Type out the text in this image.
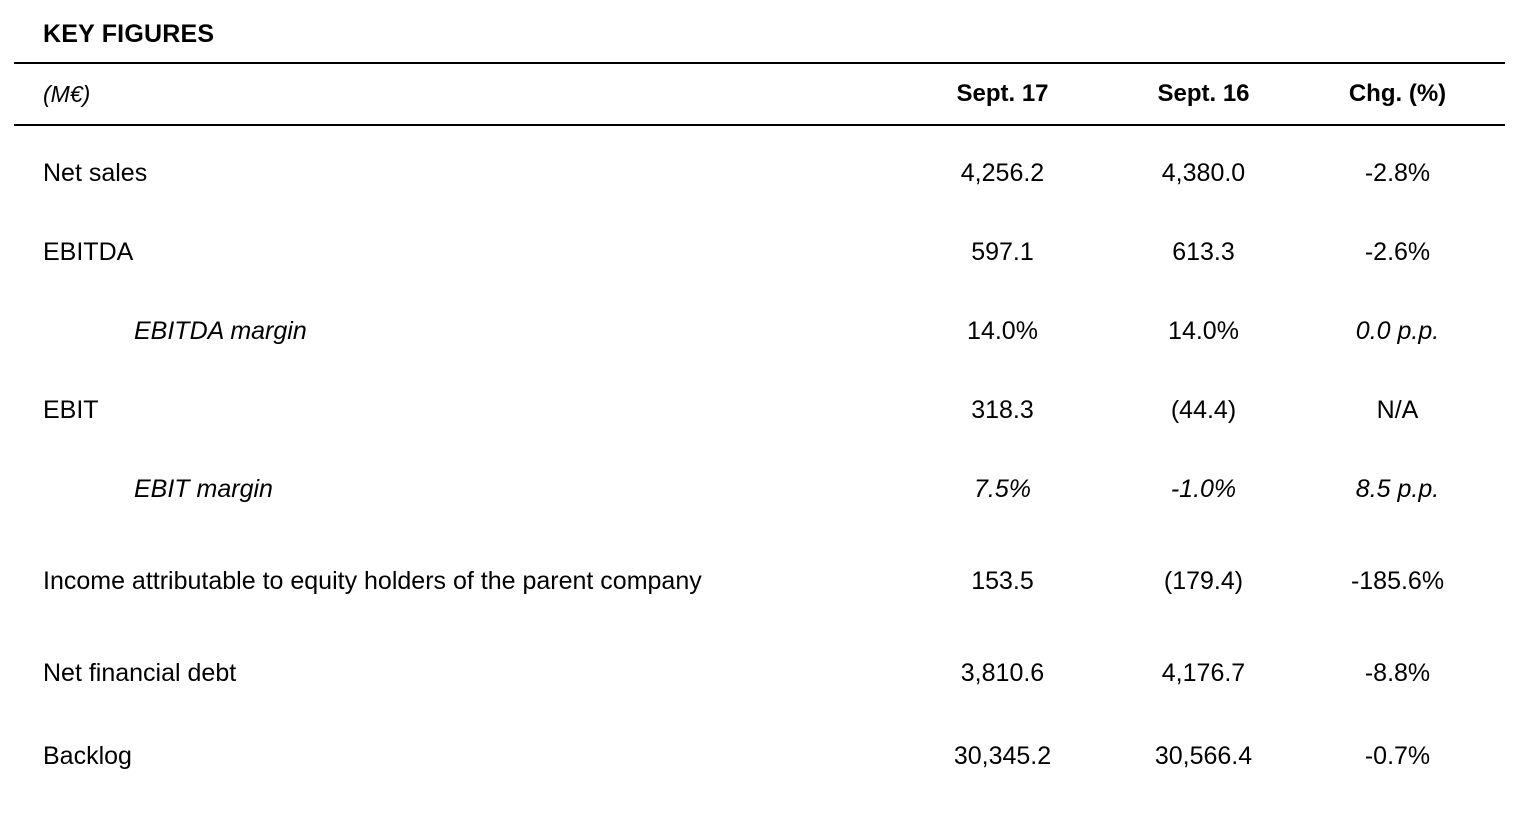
KEY FIGURES
(M€)	Sept. 17	Sept. 16	Chg. (%)
Net sales	4,256.2	4,380.0	-2.8%
EBITDA	597.1	613.3	-2.6%
EBITDA margin	14.0%	14.0%	0.0 p.p.
EBIT	318.3	(44.4)	N/A
EBIT margin	7.5%	-1.0%	8.5 p.p.
Income attributable to equity holders of the parent company	153.5	(179.4)	-185.6%
Net financial debt	3,810.6	4,176.7	-8.8%
Backlog	30,345.2	30,566.4	-0.7%
